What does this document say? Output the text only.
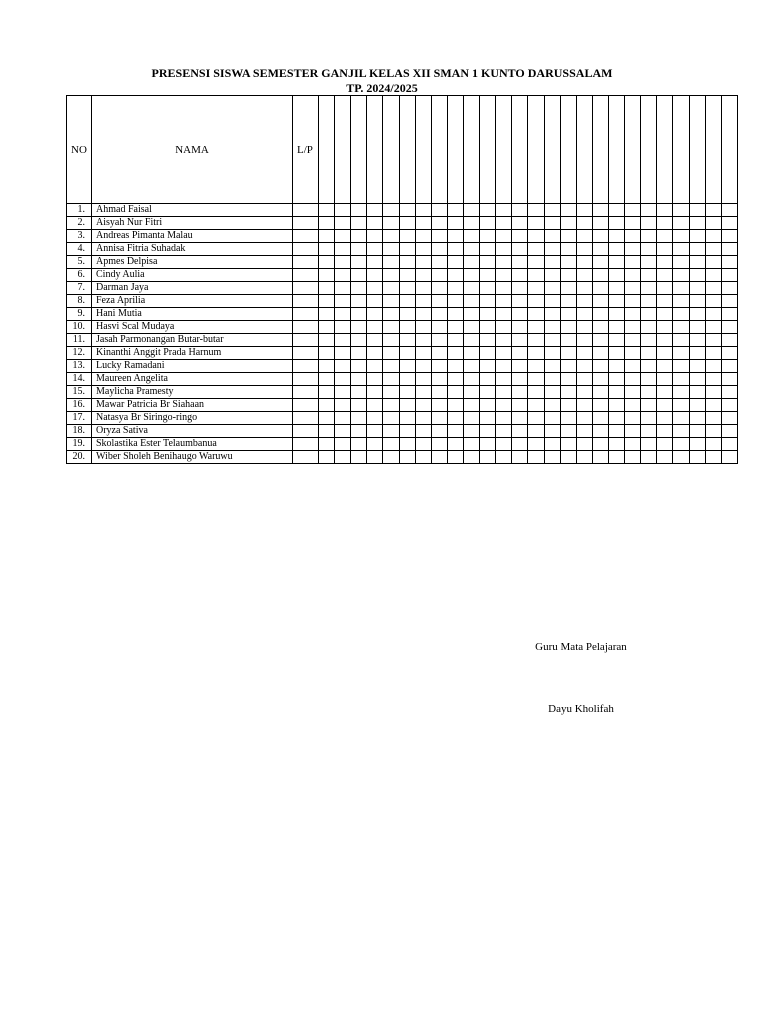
PRESENSI SISWA SEMESTER GANJIL KELAS XII SMAN 1 KUNTO DARUSSALAM
TP. 2024/2025
NO	NAMA	L/P																										
1.	Ahmad Faisal																											
2.	Aisyah Nur Fitri																											
3.	Andreas Pimanta Malau																											
4.	Annisa Fitria Suhadak																											
5.	Apmes Delpisa																											
6.	Cindy Aulia																											
7.	Darman Jaya																											
8.	Feza Aprilia																											
9.	Hani Mutia																											
10.	Hasvi Scal Mudaya																											
11.	Jasah Parmonangan Butar-butar																											
12.	Kinanthi Anggit Prada Harnum																											
13.	Lucky Ramadani																											
14.	Maureen Angelita																											
15.	Maylicha Pramesty																											
16.	Mawar Patricia Br Siahaan																											
17.	Natasya Br Siringo-ringo																											
18.	Oryza Sativa																											
19.	Skolastika Ester Telaumbanua																											
20.	Wiber Sholeh Benihaugo Waruwu																											
Guru Mata Pelajaran
Dayu Kholifah
